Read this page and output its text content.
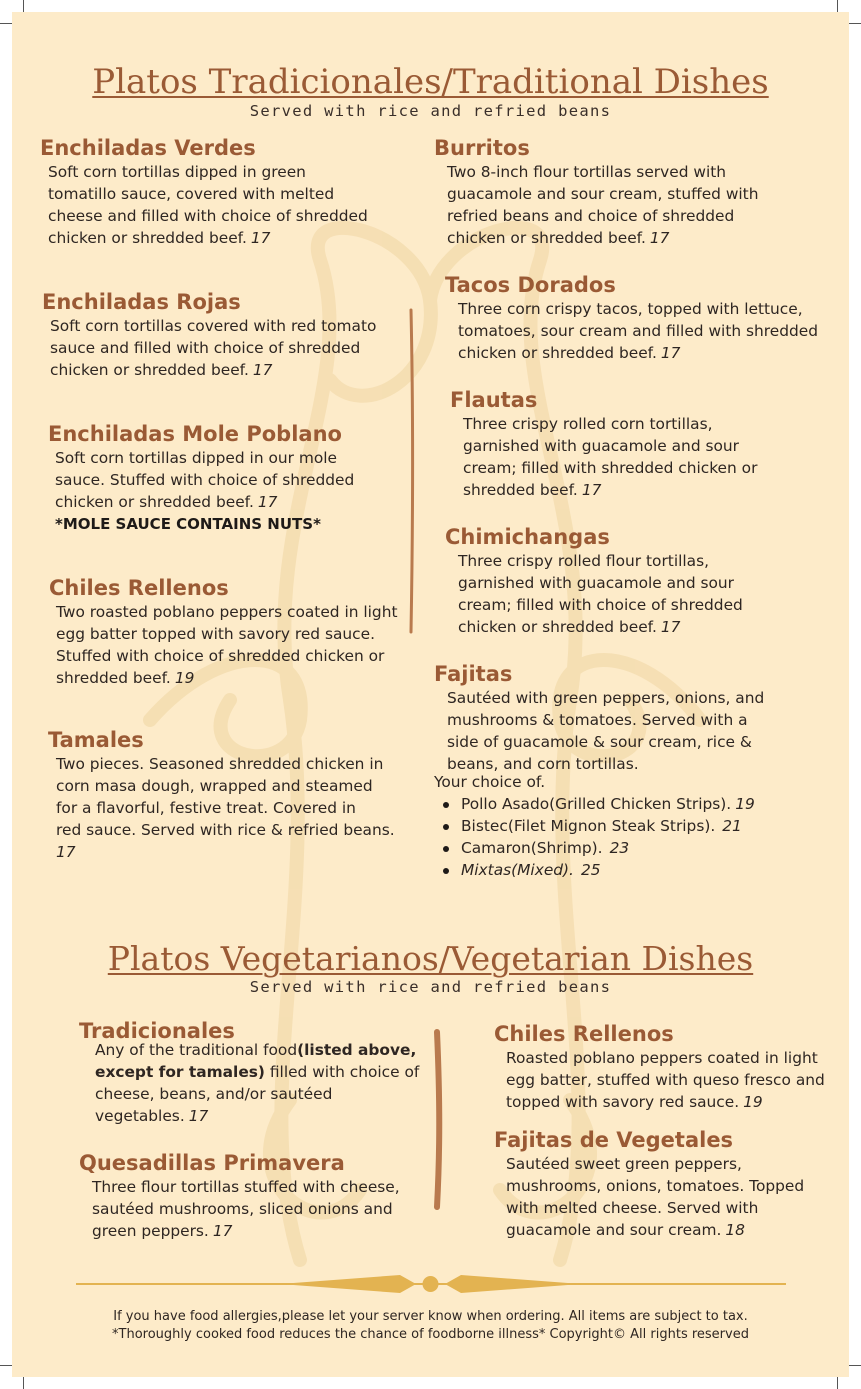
Platos Tradicionales/Traditional Dishes
Served with rice and refried beans
Enchiladas Verdes
Soft corn tortillas dipped in green
tomatillo sauce, covered with melted
cheese and filled with choice of shredded
chicken or shredded beef. 17
Enchiladas Rojas
Soft corn tortillas covered with red tomato
sauce and filled with choice of shredded
chicken or shredded beef. 17
Enchiladas Mole Poblano
Soft corn tortillas dipped in our mole
sauce. Stuffed with choice of shredded
chicken or shredded beef. 17
*MOLE SAUCE CONTAINS NUTS*
Chiles Rellenos
Two roasted poblano peppers coated in light
egg batter topped with savory red sauce.
Stuffed with choice of shredded chicken or
shredded beef. 19
Tamales
Two pieces. Seasoned shredded chicken in
corn masa dough, wrapped and steamed
for a flavorful, festive treat. Covered in
red sauce. Served with rice & refried beans.
17
Burritos
Two 8-inch flour tortillas served with
guacamole and sour cream, stuffed with
refried beans and choice of shredded
chicken or shredded beef. 17
Tacos Dorados
Three corn crispy tacos, topped with lettuce,
tomatoes, sour cream and filled with shredded
chicken or shredded beef. 17
Flautas
Three crispy rolled corn tortillas,
garnished with guacamole and sour
cream; filled with shredded chicken or
shredded beef. 17
Chimichangas
Three crispy rolled flour tortillas,
garnished with guacamole and sour
cream; filled with choice of shredded
chicken or shredded beef. 17
Fajitas
Sautéed with green peppers, onions, and
mushrooms & tomatoes. Served with a
side of guacamole & sour cream, rice &
beans, and corn tortillas.
Your choice of.
Pollo Asado(Grilled Chicken Strips). 19
Bistec(Filet Mignon Steak Strips). 21
Camaron(Shrimp). 23
Mixtas(Mixed). 25
Platos Vegetarianos/Vegetarian Dishes
Served with rice and refried beans
Tradicionales
Any of the traditional food(listed above,
except for tamales) filled with choice of
cheese, beans, and/or sautéed
vegetables. 17
Quesadillas Primavera
Three flour tortillas stuffed with cheese,
sautéed mushrooms, sliced onions and
green peppers. 17
Chiles Rellenos
Roasted poblano peppers coated in light
egg batter, stuffed with queso fresco and
topped with savory red sauce. 19
Fajitas de Vegetales
Sautéed sweet green peppers,
mushrooms, onions, tomatoes. Topped
with melted cheese. Served with
guacamole and sour cream. 18
If you have food allergies,please let your server know when ordering. All items are subject to tax.
*Thoroughly cooked food reduces the chance of foodborne illness* Copyright© All rights reserved
